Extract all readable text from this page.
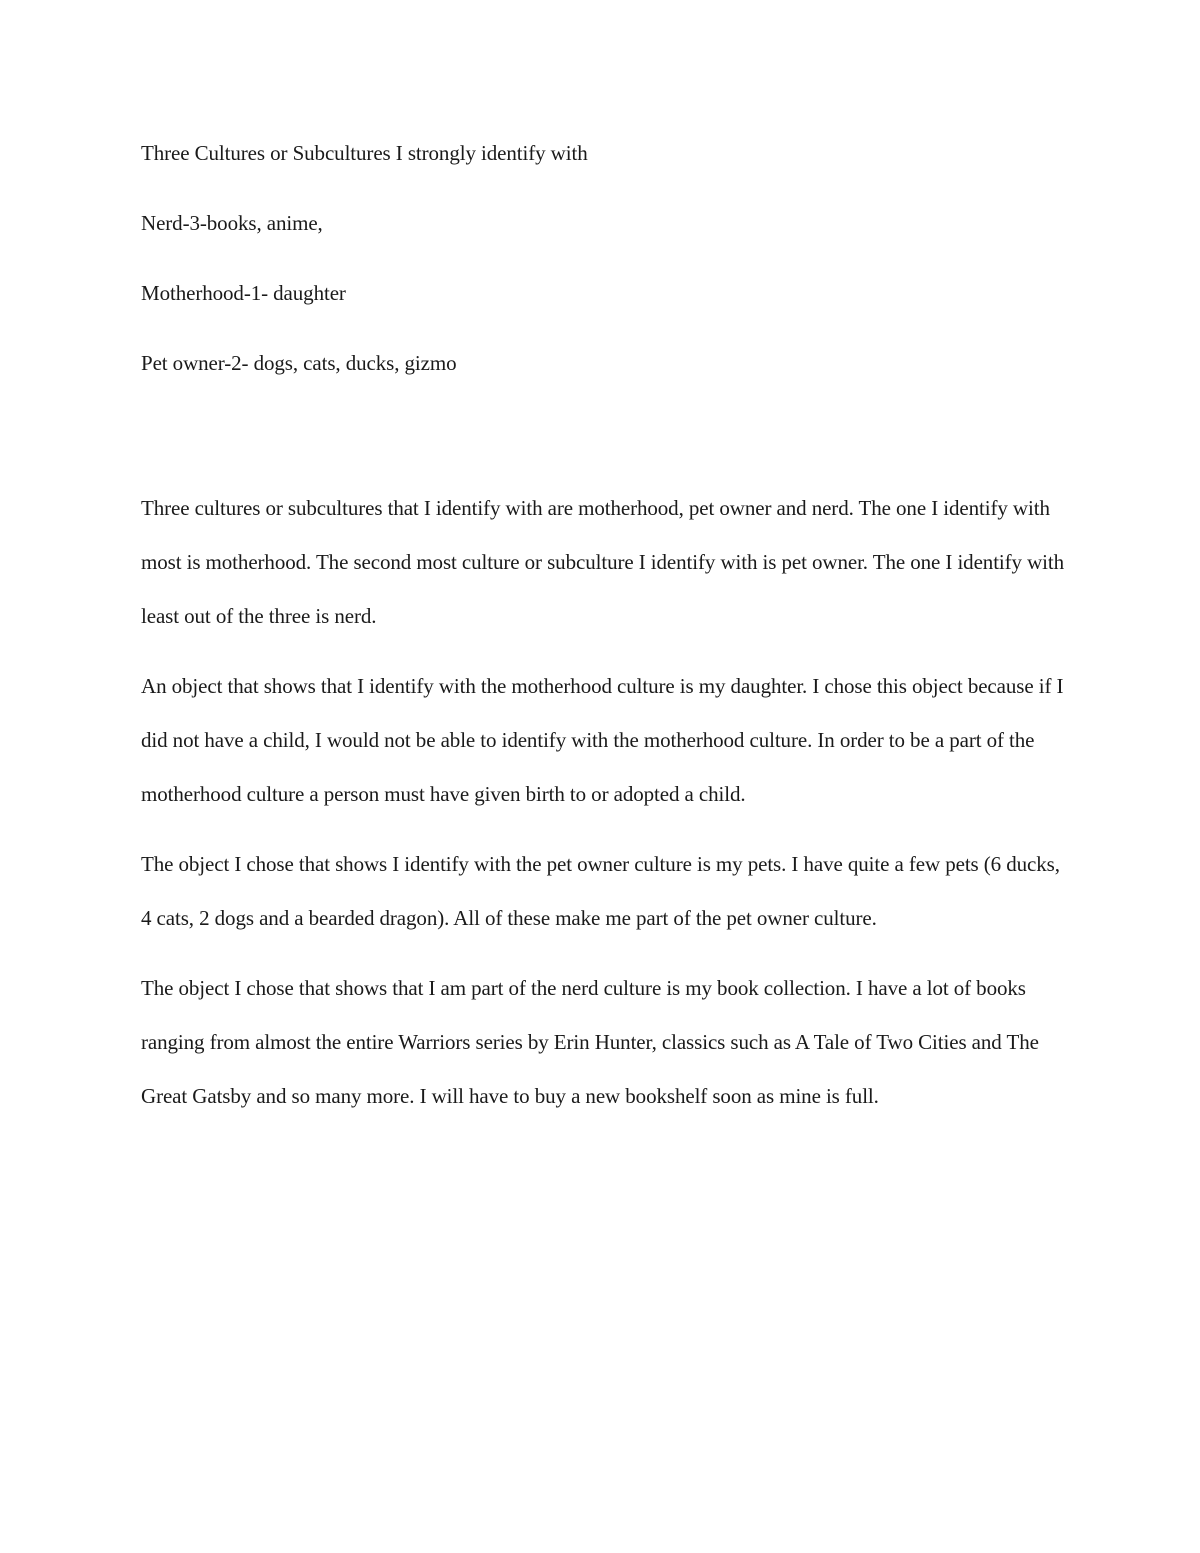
Three Cultures or Subcultures I strongly identify with

Nerd-3-books, anime,

Motherhood-1- daughter

Pet owner-2- dogs, cats, ducks, gizmo

Three cultures or subcultures that I identify with are motherhood, pet owner and nerd. The one I identify with most is motherhood. The second most culture or subculture I identify with is pet owner. The one I identify with least out of the three is nerd.

An object that shows that I identify with the motherhood culture is my daughter. I chose this object because if I did not have a child, I would not be able to identify with the motherhood culture. In order to be a part of the motherhood culture a person must have given birth to or adopted a child.

The object I chose that shows I identify with the pet owner culture is my pets. I have quite a few pets (6 ducks, 4 cats, 2 dogs and a bearded dragon). All of these make me part of the pet owner culture.

The object I chose that shows that I am part of the nerd culture is my book collection. I have a lot of books ranging from almost the entire Warriors series by Erin Hunter, classics such as A Tale of Two Cities and The Great Gatsby and so many more. I will have to buy a new bookshelf soon as mine is full.
